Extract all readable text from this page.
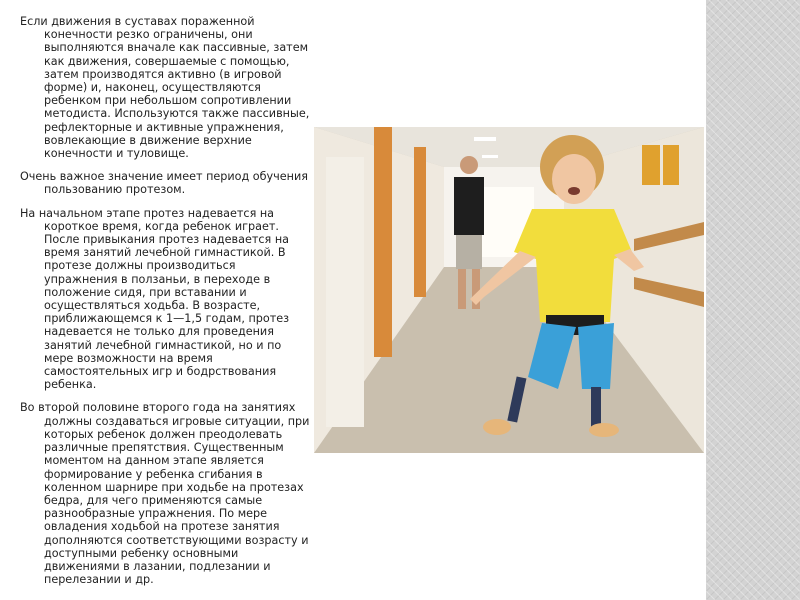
Если движения в суставах пораженной конечности резко ограничены, они выполняются вначале как пассивные, затем как движения, совершаемые с помощью, затем производятся активно (в игровой форме) и, наконец, осуществляются ребенком при небольшом сопротивлении методиста. Используются также пассивные, рефлекторные и активные упражнения, вовлекающие в движение верхние конечности и туловище.

Очень важное значение имеет период обучения пользованию протезом.

На начальном этапе протез надевается на короткое время, когда ребенок играет. После привыкания протез надевается на время занятий лечебной гимнастикой. В протезе должны производиться упражнения в ползаньи, в переходе в положение сидя, при вставании и осуществляться ходьба. В возрасте, приближающемся к 1—1,5 годам, протез надевается не только для проведения занятий лечебной гимнастикой, но и по мере возможности на время самостоятельных игр и бодрствования ребенка.

Во второй половине второго года на занятиях должны создаваться игровые ситуации, при которых ребенок должен преодолевать различные препятствия. Существенным моментом на данном этапе является формирование у ребенка сгибания в коленном шарнире при ходьбе на протезах бедра, для чего применяются самые разнообразные упражнения. По мере овладения ходьбой на протезе занятия дополняются соответствующими возрасту и доступными ребенку основными движениями в лазании, подлезании и перелезании и др.
